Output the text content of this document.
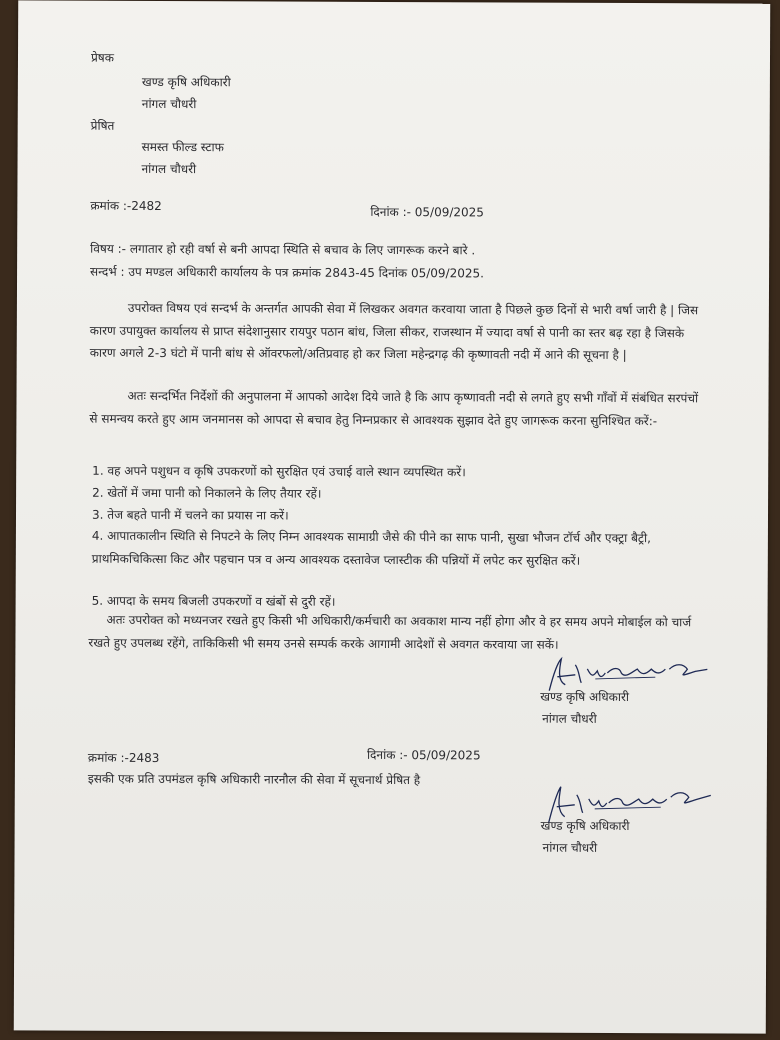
प्रेषक
खण्ड कृषि अधिकारी
नांगल चौधरी
प्रेषित
समस्त फील्ड स्टाफ
नांगल चौधरी
क्रमांक :-2482	दिनांक :- 05/09/2025
विषय :- लगातार हो रही वर्षा से बनी आपदा स्थिति से बचाव के लिए जागरूक करने बारे .
सन्दर्भ : उप मण्डल अधिकारी कार्यालय के पत्र क्रमांक 2843-45 दिनांक 05/09/2025.
उपरोक्त विषय एवं सन्दर्भ के अन्तर्गत आपकी सेवा में लिखकर अवगत करवाया जाता है पिछले कुछ दिनों से भारी वर्षा जारी है | जिस कारण उपायुक्त कार्यालय से प्राप्त संदेशानुसार रायपुर पठान बांध, जिला सीकर, राजस्थान में ज्यादा वर्षा से पानी का स्तर बढ़ रहा है जिसके कारण अगले 2-3 घंटो में पानी बांध से ऑवरफलो/अतिप्रवाह हो कर जिला महेन्द्रगढ़ की कृष्णावती नदी में आने की सूचना है |
अतः सन्दर्भित निर्देशों की अनुपालना में आपको आदेश दिये जाते है कि आप कृष्णावती नदी से लगते हुए सभी गाँवों में संबंधित सरपंचों से समन्वय करते हुए आम जनमानस को आपदा से बचाव हेतु निम्नप्रकार से आवश्यक सुझाव देते हुए जागरूक करना सुनिश्चित करें:-
1. वह अपने पशुधन व कृषि उपकरणों को सुरक्षित एवं उचाई वाले स्थान व्यपस्थित करें।
2. खेतों में जमा पानी को निकालने के लिए तैयार रहें।
3. तेज बहते पानी में चलने का प्रयास ना करें।
4. आपातकालीन स्थिति से निपटने के लिए निम्न आवश्यक सामाग्री जैसे की पीने का साफ पानी, सुखा भौजन टॉर्च और एक्ट्रा बैट्री, प्राथमिकचिकित्सा किट और पहचान पत्र व अन्य आवश्यक दस्तावेज प्लास्टीक की पन्नियों में लपेट कर सुरक्षित करें।
5. आपदा के समय बिजली उपकरणों व खंबों से दुरी रहें।
अतः उपरोक्त को मध्यनजर रखते हुए किसी भी अधिकारी/कर्मचारी का अवकाश मान्य नहीं होगा और वे हर समय अपने मोबाईल को चार्ज रखते हुए उपलब्ध रहेंगे, ताकिकिसी भी समय उनसे सम्पर्क करके आगामी आदेशों से अवगत करवाया जा सकें।
खण्ड कृषि अधिकारी
नांगल चौधरी
क्रमांक :-2483	दिनांक :- 05/09/2025
इसकी एक प्रति उपमंडल कृषि अधिकारी नारनौल की सेवा में सूचनार्थ प्रेषित है
खण्ड कृषि अधिकारी
नांगल चौधरी
